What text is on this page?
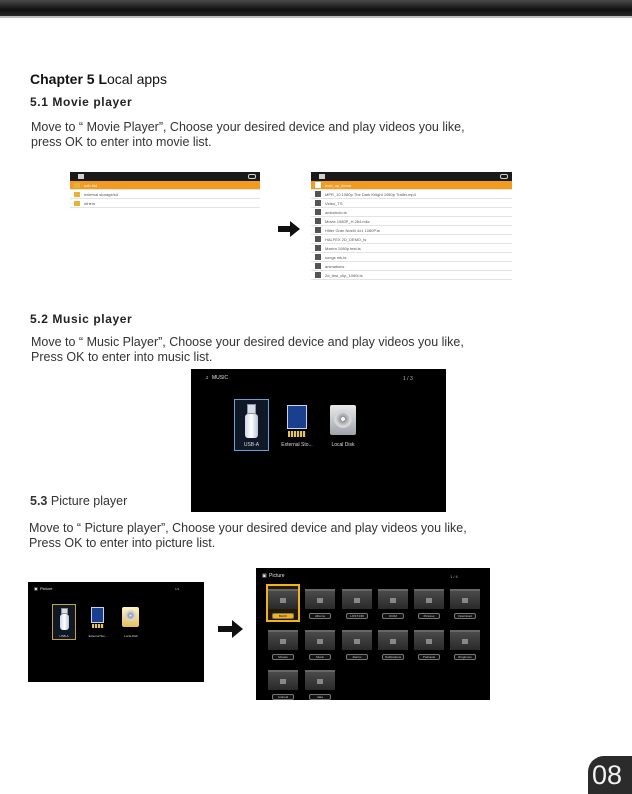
Chapter 5 Local apps
5.1 Movie player
Move to “ Movie Player”, Choose your desired device and play videos you like,
press OK to enter into movie list.
usb-hid
external storage/sd
others
mvb_up_items
MPR_10 1080p The Dark Knight 1080p Trailer.mp4
Video_TS
amboholo.ts
Movie 1080P_H.264.mkv
Hitler Gran Noel4 4x1 1080P.ts
HALFEX 2D_DEMO_ts
Maxim 1080p test.ts
songs mk.ts
animations
2d_test_clip_1080i.ts
5.2 Music player
Move to “ Music Player”, Choose your desired device and play videos you like,
Press OK to enter into music list.
♫ MUSIC	1 / 3
USB-A	External Sto...	Local Disk
5.3 Picture player
Move to “ Picture player”, Choose your desired device and play videos you like,
Press OK to enter into picture list.
▣ Picture	1/3
USB-A	External Sto...	Local Disk
▣ Picture	1 / 4
BACK	Albums	LOST.DIR	DCIM	Pictures	Download
Movies	Music	Alarms	Notifications	Podcasts	Ringtones
Android	data
08
